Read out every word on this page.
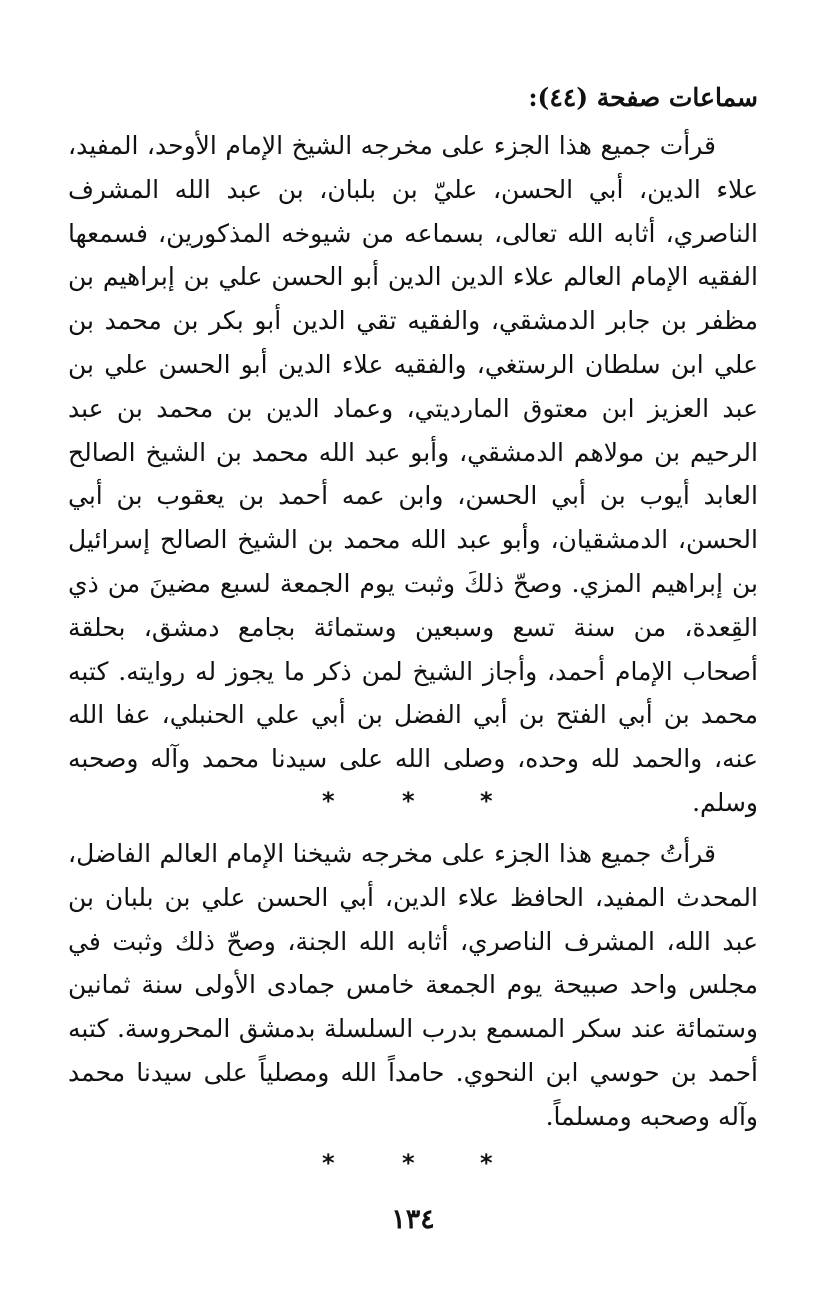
سماعات صفحة (٤٤):

قرأت جميع هذا الجزء على مخرجه الشيخ الإمام الأوحد، المفيد، علاء الدين، أبي الحسن، عليّ بن بلبان، بن عبد الله المشرف الناصري، أثابه الله تعالى، بسماعه من شيوخه المذكورين، فسمعها الفقيه الإمام العالم علاء الدين الدين أبو الحسن علي بن إبراهيم بن مظفر بن جابر الدمشقي، والفقيه تقي الدين أبو بكر بن محمد بن علي ابن سلطان الرستغي، والفقيه علاء الدين أبو الحسن علي بن عبد العزيز ابن معتوق الماردیتي، وعماد الدين بن محمد بن عبد الرحيم بن مولاهم الدمشقي، وأبو عبد الله محمد بن الشيخ الصالح العابد أيوب بن أبي الحسن، وابن عمه أحمد بن يعقوب بن أبي الحسن، الدمشقيان، وأبو عبد الله محمد بن الشيخ الصالح إسرائيل بن إبراهيم المزي. وصحّ ذلكَ وثبت يوم الجمعة لسبع مضينَ من ذي القِعدة، من سنة تسع وسبعين وستمائة بجامع دمشق، بحلقة أصحاب الإمام أحمد، وأجاز الشيخ لمن ذكر ما يجوز له روايته. كتبه محمد بن أبي الفتح بن أبي الفضل بن أبي علي الحنبلي، عفا الله عنه، والحمد لله وحده، وصلى الله على سيدنا محمد وآله وصحبه وسلم.

*	*	*

قرأتُ جميع هذا الجزء على مخرجه شيخنا الإمام العالم الفاضل، المحدث المفيد، الحافظ علاء الدين، أبي الحسن علي بن بلبان بن عبد الله، المشرف الناصري، أثابه الله الجنة، وصحّ ذلك وثبت في مجلس واحد صبيحة يوم الجمعة خامس جمادى الأولى سنة ثمانين وستمائة عند سكر المسمع بدرب السلسلة بدمشق المحروسة. كتبه أحمد بن حوسي ابن النحوي. حامداً الله ومصلياً على سيدنا محمد وآله وصحبه ومسلماً.

*	*	*
١٣٤
